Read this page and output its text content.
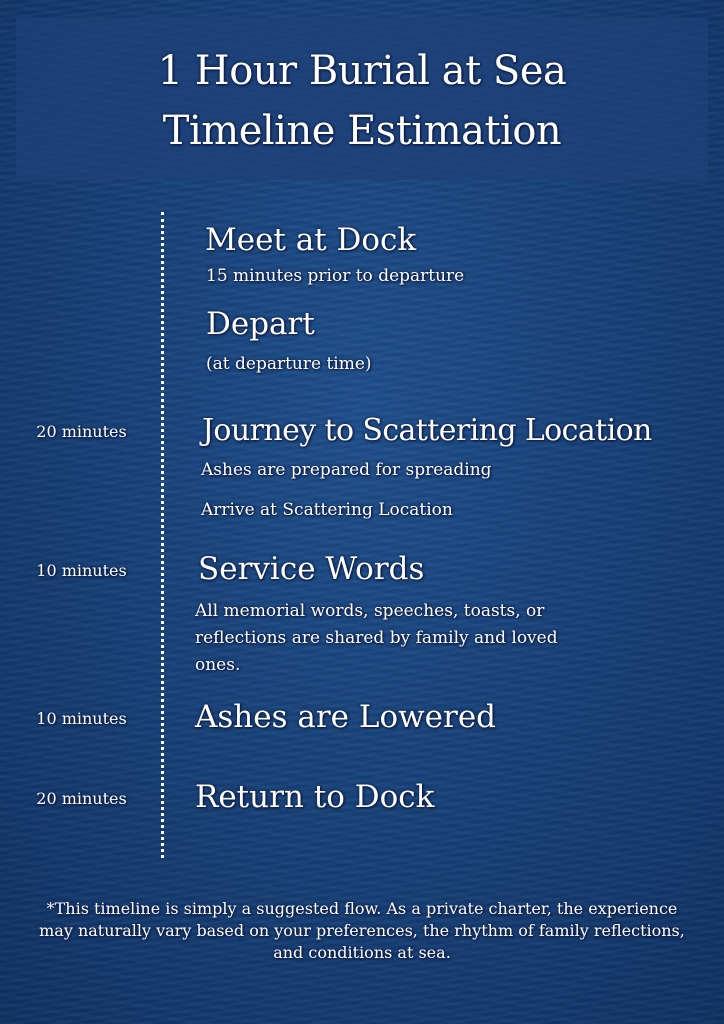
1 Hour Burial at Sea
Timeline Estimation
Meet at Dock
15 minutes prior to departure
Depart
(at departure time)
20 minutes	Journey to Scattering Location
Ashes are prepared for spreading
Arrive at Scattering Location
10 minutes	Service Words
All memorial words, speeches, toasts, or reflections are shared by family and loved ones.
10 minutes	Ashes are Lowered
20 minutes	Return to Dock
*This timeline is simply a suggested flow. As a private charter, the experience may naturally vary based on your preferences, the rhythm of family reflections, and conditions at sea.
